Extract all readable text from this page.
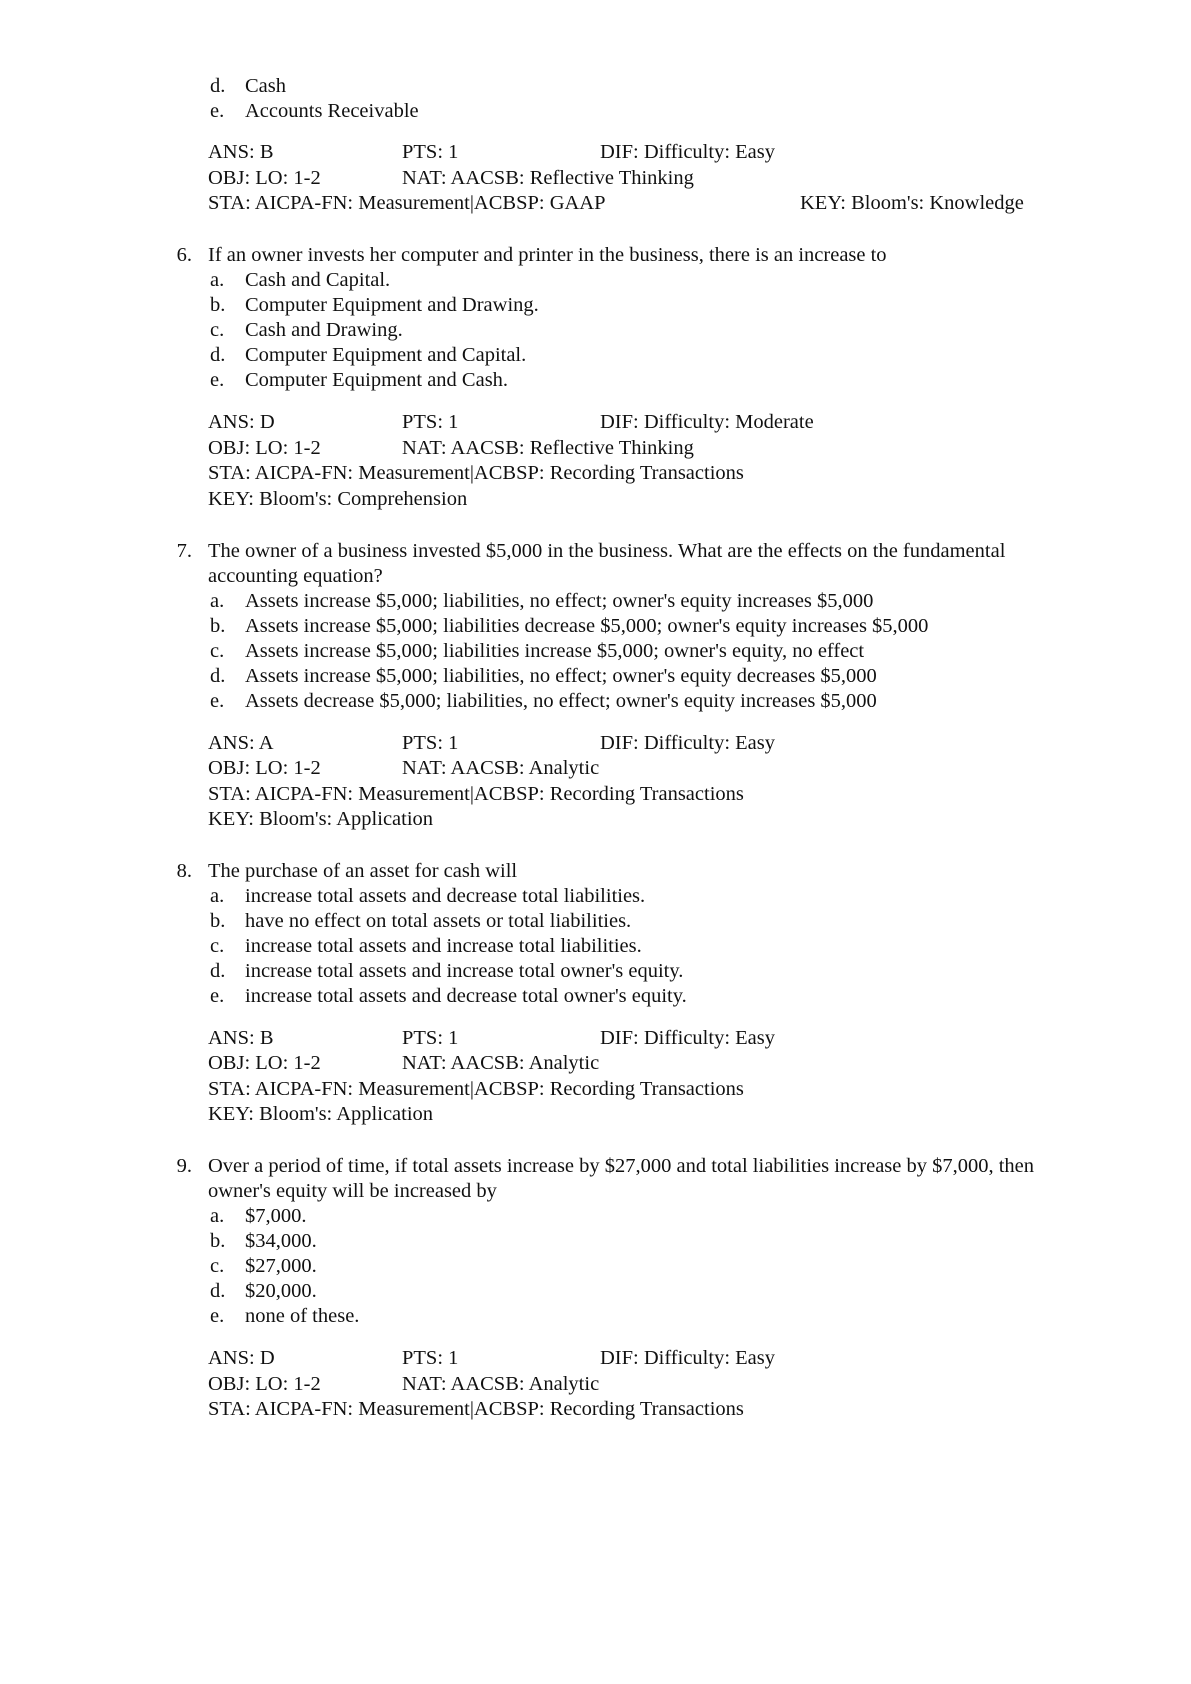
d. Cash
e. Accounts Receivable
ANS: B	PTS: 1	DIF: Difficulty: Easy
OBJ: LO: 1-2	NAT: AACSB: Reflective Thinking
STA: AICPA-FN: Measurement|ACBSP: GAAP	KEY: Bloom's: Knowledge
6. If an owner invests her computer and printer in the business, there is an increase to
a. Cash and Capital.
b. Computer Equipment and Drawing.
c. Cash and Drawing.
d. Computer Equipment and Capital.
e. Computer Equipment and Cash.
ANS: D	PTS: 1	DIF: Difficulty: Moderate
OBJ: LO: 1-2	NAT: AACSB: Reflective Thinking
STA: AICPA-FN: Measurement|ACBSP: Recording Transactions
KEY: Bloom's: Comprehension
7. The owner of a business invested $5,000 in the business. What are the effects on the fundamental
accounting equation?
a. Assets increase $5,000; liabilities, no effect; owner's equity increases $5,000
b. Assets increase $5,000; liabilities decrease $5,000; owner's equity increases $5,000
c. Assets increase $5,000; liabilities increase $5,000; owner's equity, no effect
d. Assets increase $5,000; liabilities, no effect; owner's equity decreases $5,000
e. Assets decrease $5,000; liabilities, no effect; owner's equity increases $5,000
ANS: A	PTS: 1	DIF: Difficulty: Easy
OBJ: LO: 1-2	NAT: AACSB: Analytic
STA: AICPA-FN: Measurement|ACBSP: Recording Transactions
KEY: Bloom's: Application
8. The purchase of an asset for cash will
a. increase total assets and decrease total liabilities.
b. have no effect on total assets or total liabilities.
c. increase total assets and increase total liabilities.
d. increase total assets and increase total owner's equity.
e. increase total assets and decrease total owner's equity.
ANS: B	PTS: 1	DIF: Difficulty: Easy
OBJ: LO: 1-2	NAT: AACSB: Analytic
STA: AICPA-FN: Measurement|ACBSP: Recording Transactions
KEY: Bloom's: Application
9. Over a period of time, if total assets increase by $27,000 and total liabilities increase by $7,000, then
owner's equity will be increased by
a. $7,000.
b. $34,000.
c. $27,000.
d. $20,000.
e. none of these.
ANS: D	PTS: 1	DIF: Difficulty: Easy
OBJ: LO: 1-2	NAT: AACSB: Analytic
STA: AICPA-FN: Measurement|ACBSP: Recording Transactions
